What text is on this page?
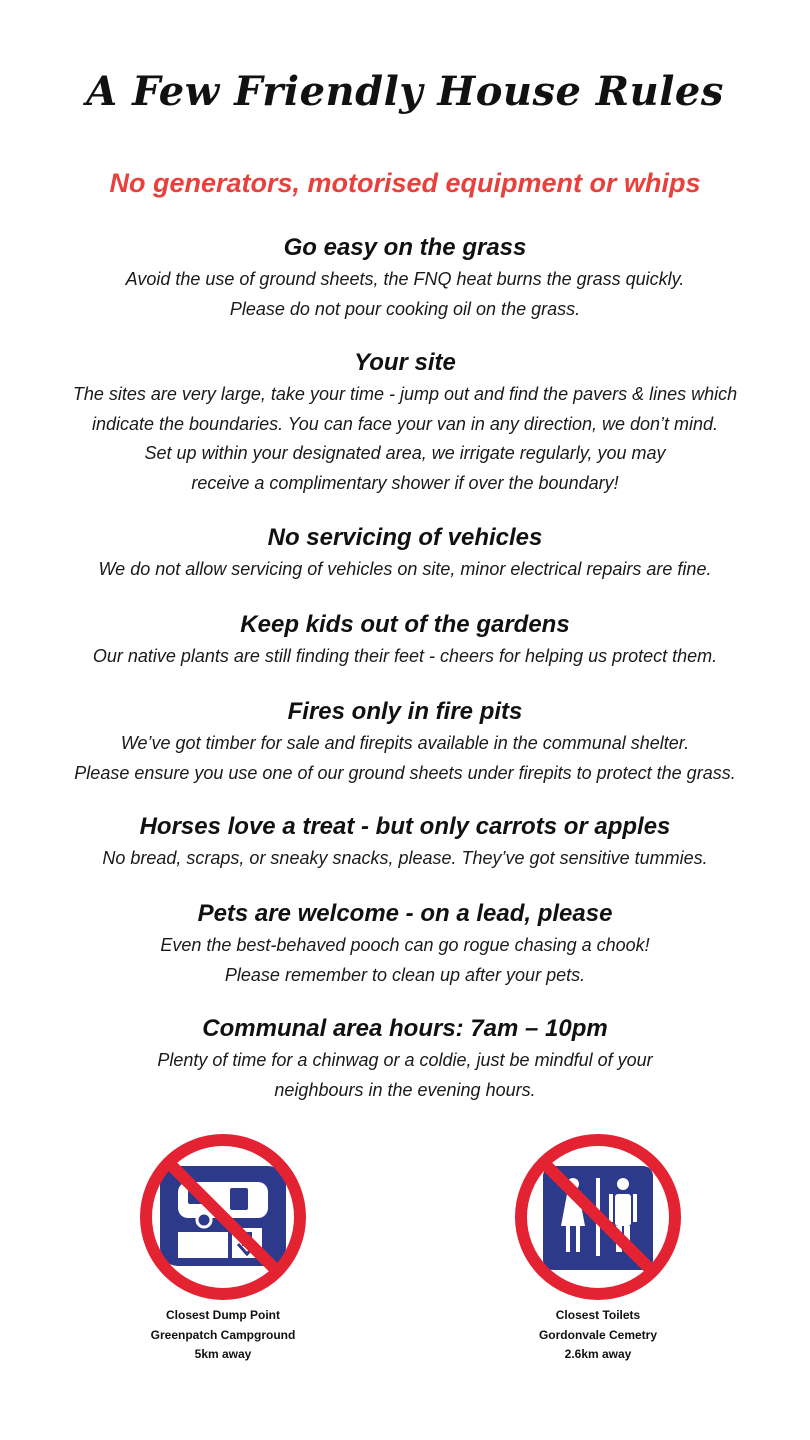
A Few Friendly House Rules
No generators, motorised equipment or whips
Go easy on the grass

Avoid the use of ground sheets, the FNQ heat burns the grass quickly.

Please do not pour cooking oil on the grass.

Your site

The sites are very large, take your time - jump out and find the pavers & lines which

indicate the boundaries. You can face your van in any direction, we don’t mind.

Set up within your designated area, we irrigate regularly, you may

receive a complimentary shower if over the boundary!

No servicing of vehicles

We do not allow servicing of vehicles on site, minor electrical repairs are fine.

Keep kids out of the gardens

Our native plants are still finding their feet - cheers for helping us protect them.

Fires only in fire pits

We’ve got timber for sale and firepits available in the communal shelter.

Please ensure you use one of our ground sheets under firepits to protect the grass.

Horses love a treat - but only carrots or apples

No bread, scraps, or sneaky snacks, please. They’ve got sensitive tummies.

Pets are welcome - on a lead, please

Even the best-behaved pooch can go rogue chasing a chook!

Please remember to clean up after your pets.

Communal area hours: 7am – 10pm

Plenty of time for a chinwag or a coldie, just be mindful of your

neighbours in the evening hours.

Closest Dump Point
Greenpatch Campground
5km away
Closest Toilets
Gordonvale Cemetry
2.6km away
